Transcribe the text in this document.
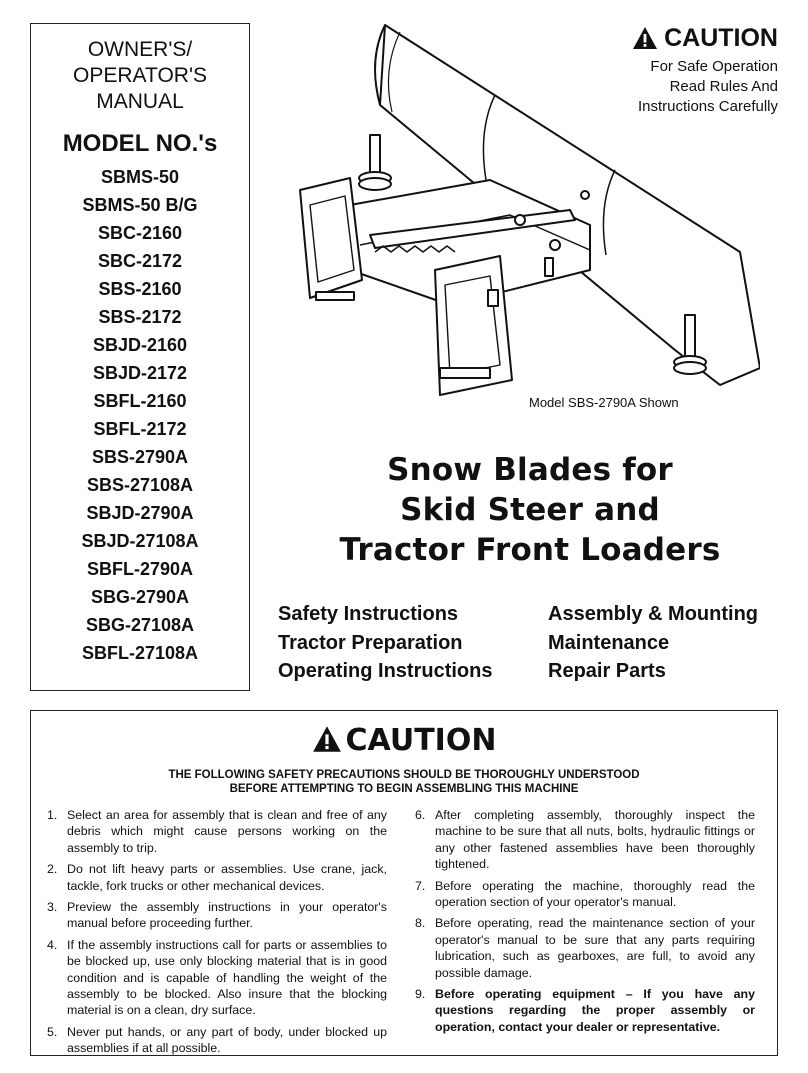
OWNER'S/
OPERATOR'S
MANUAL
MODEL NO.'s
SBMS-50
SBMS-50 B/G
SBC-2160
SBC-2172
SBS-2160
SBS-2172
SBJD-2160
SBJD-2172
SBFL-2160
SBFL-2172
SBS-2790A
SBS-27108A
SBJD-2790A
SBJD-27108A
SBFL-2790A
SBG-2790A
SBG-27108A
SBFL-27108A
Model SBS-2790A Shown
CAUTION
For Safe Operation
Read Rules And
Instructions Carefully
Snow Blades for
Skid Steer and
Tractor Front Loaders
Safety Instructions
Tractor Preparation
Operating Instructions
Assembly & Mounting
Maintenance
Repair Parts
CAUTION
THE FOLLOWING SAFETY PRECAUTIONS SHOULD BE THOROUGHLY UNDERSTOOD
BEFORE ATTEMPTING TO BEGIN ASSEMBLING THIS MACHINE
1. Select an area for assembly that is clean and free of any debris which might cause persons working on the assembly to trip.
2. Do not lift heavy parts or assemblies. Use crane, jack, tackle, fork trucks or other mechanical devices.
3. Preview the assembly instructions in your operator's manual before proceeding further.
4. If the assembly instructions call for parts or assemblies to be blocked up, use only blocking material that is in good condition and is capable of handling the weight of the assembly to be blocked. Also insure that the blocking material is on a clean, dry surface.
5. Never put hands, or any part of body, under blocked up assemblies if at all possible.
6. After completing assembly, thoroughly inspect the machine to be sure that all nuts, bolts, hydraulic fittings or any other fastened assemblies have been thoroughly tightened.
7. Before operating the machine, thoroughly read the operation section of your operator's manual.
8. Before operating, read the maintenance section of your operator's manual to be sure that any parts requiring lubrication, such as gearboxes, are full, to avoid any possible damage.
9. Before operating equipment – If you have any questions regarding the proper assembly or operation, contact your dealer or representative.
